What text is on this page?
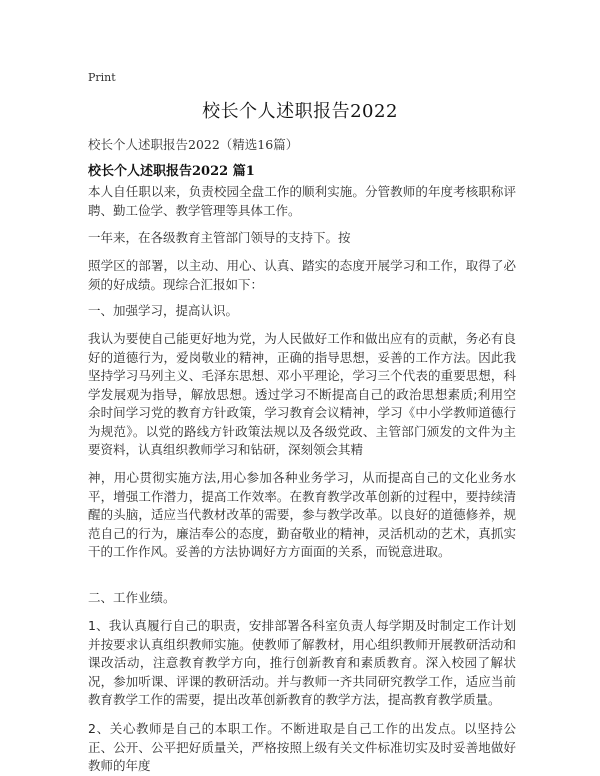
Print
校长个人述职报告2022
校长个人述职报告2022（精选16篇）
校长个人述职报告2022 篇1
本人自任职以来，负责校园全盘工作的顺利实施。分管教师的年度考核职称评聘、勤工俭学、教学管理等具体工作。
一年来，在各级教育主管部门领导的支持下。按
照学区的部署，以主动、用心、认真、踏实的态度开展学习和工作，取得了必须的好成绩。现综合汇报如下：
一、加强学习，提高认识。
我认为要使自己能更好地为党，为人民做好工作和做出应有的贡献，务必有良好的道德行为，爱岗敬业的精神，正确的指导思想，妥善的工作方法。因此我坚持学习马列主义、毛泽东思想、邓小平理论，学习三个代表的重要思想，科学发展观为指导，解放思想。透过学习不断提高自己的政治思想素质;利用空余时间学习党的教育方针政策，学习教育会议精神，学习《中小学教师道德行为规范》。以党的路线方针政策法规以及各级党政、主管部门颁发的文件为主要资料，认真组织教师学习和钻研，深刻领会其精
神，用心贯彻实施方法,用心参加各种业务学习，从而提高自己的文化业务水平，增强工作潜力，提高工作效率。在教育教学改革创新的过程中，要持续清醒的头脑，适应当代教材改革的需要，参与教学改革。以良好的道德修养，规范自己的行为，廉洁奉公的态度，勤奋敬业的精神，灵活机动的艺术，真抓实干的工作作风。妥善的方法协调好方方面面的关系，而锐意进取。
二、工作业绩。
1、我认真履行自己的职责，安排部署各科室负责人每学期及时制定工作计划并按要求认真组织教师实施。使教师了解教材，用心组织教师开展教研活动和课改活动，注意教育教学方向，推行创新教育和素质教育。深入校园了解状况，参加听课、评课的教研活动。并与教师一齐共同研究教学工作，适应当前教育教学工作的需要，提出改革创新教育的教学方法，提高教育教学质量。
2、关心教师是自己的本职工作。不断进取是自己工作的出发点。以坚持公正、公开、公平把好质量关，严格按照上级有关文件标准切实及时妥善地做好教师的年度
